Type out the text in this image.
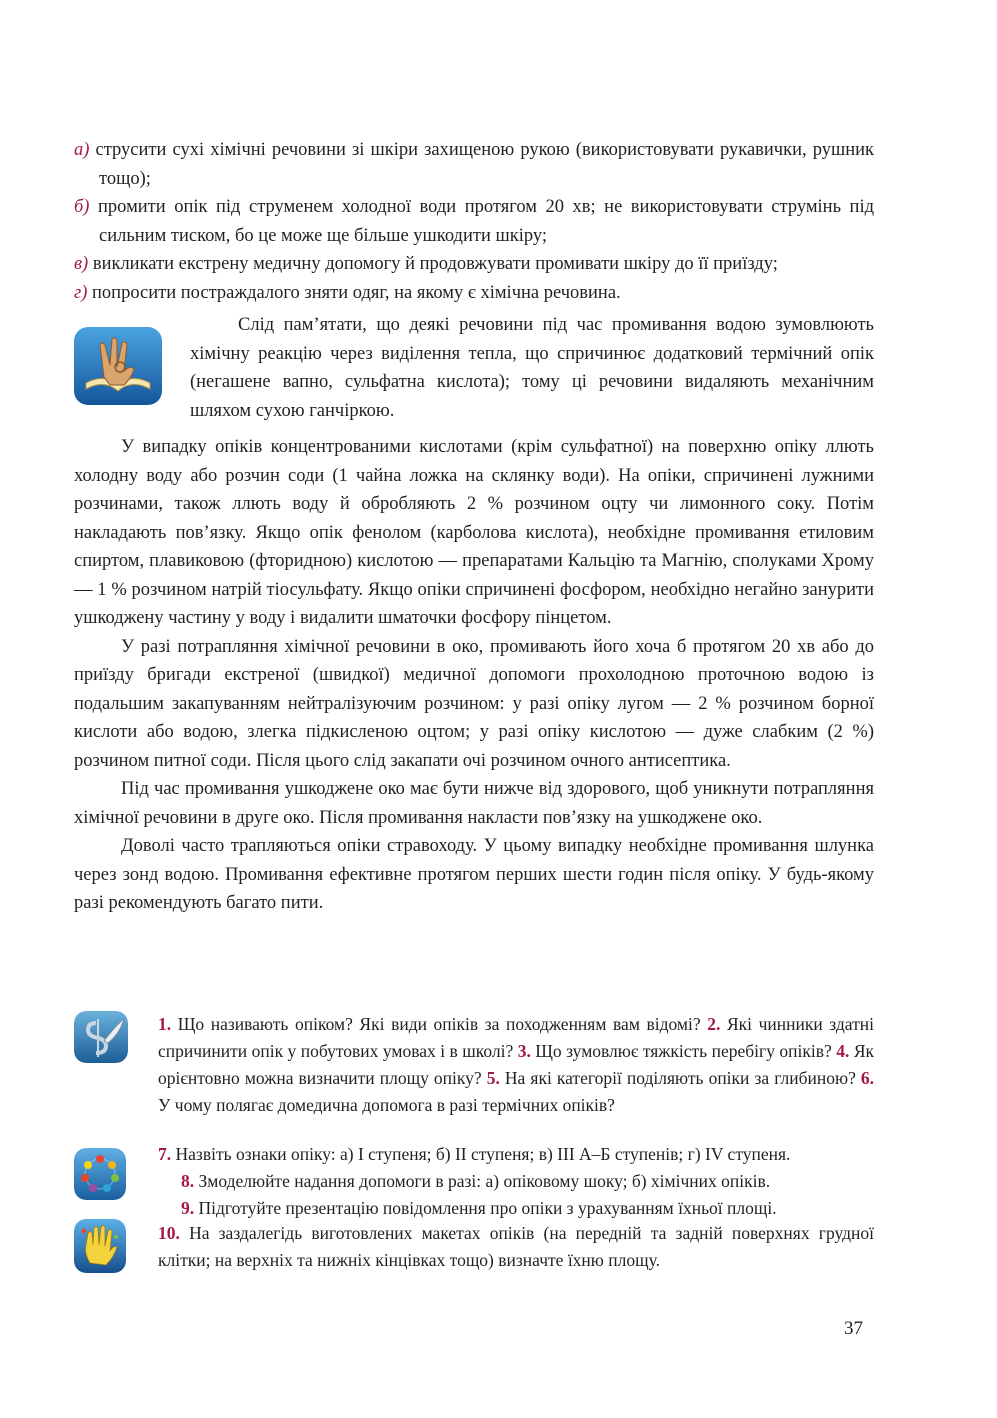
а) струсити сухі хімічні речовини зі шкіри захищеною рукою (використовувати рукавички, рушник тощо);
б) промити опік під струменем холодної води протягом 20 хв; не використовувати струмінь під сильним тиском, бо це може ще більше ушкодити шкіру;
в) викликати екстрену медичну допомогу й продовжувати промивати шкіру до її приїзду;
г) попросити постраждалого зняти одяг, на якому є хімічна речовина.
Слід пам’ятати, що деякі речовини під час промивання водою зумовлюють хімічну реакцію через виділення тепла, що спричинює додатковий термічний опік (негашене вапно, сульфатна кислота); тому ці речовини видаляють механічним шляхом сухою ганчіркою.

У випадку опіків концентрованими кислотами (крім сульфатної) на поверхню опіку ллють холодну воду або розчин соди (1 чайна ложка на склянку води). На опіки, спричинені лужними розчинами, також ллють воду й обробляють 2 % розчином оцту чи лимонного соку. Потім накладають пов’язку. Якщо опік фенолом (карболова кислота), необхідне промивання етиловим спиртом, плавиковою (фторидною) кислотою — препаратами Кальцію та Магнію, сполуками Хрому — 1 % розчином натрій тіосульфату. Якщо опіки спричинені фосфором, необхідно негайно занурити ушкоджену частину у воду і видалити шматочки фосфору пінцетом.

У разі потрапляння хімічної речовини в око, промивають його хоча б протягом 20 хв або до приїзду бригади екстреної (швидкої) медичної допомоги прохолодною проточною водою із подальшим закапуванням нейтралізуючим розчином: у разі опіку лугом — 2 % розчином борної кислоти або водою, злегка підкисленою оцтом; у разі опіку кислотою — дуже слабким (2 %) розчином питної соди. Після цього слід закапати очі розчином очного антисептика.

Під час промивання ушкоджене око має бути нижче від здорового, щоб уникнути потрапляння хімічної речовини в друге око. Після промивання накласти пов’язку на ушкоджене око.

Доволі часто трапляються опіки стравоходу. У цьому випадку необхідне промивання шлунка через зонд водою. Промивання ефективне протягом перших шести годин після опіку. У будь-якому разі рекомендують багато пити.

1. Що називають опіком? Які види опіків за походженням вам відомі? 2. Які чинники здатні спричинити опік у побутових умовах і в школі? 3. Що зумовлює тяжкість перебігу опіків? 4. Як орієнтовно можна визначити площу опіку? 5. На які категорії поділяють опіки за глибиною? 6. У чому полягає домедична допомога в разі термічних опіків?
7. Назвіть ознаки опіку: а) І ступеня; б) ІІ ступеня; в) ІІІ А–Б ступенів; г) IV ступеня.
8. Змоделюйте надання допомоги в разі: а) опіковому шоку; б) хімічних опіків.
9. Підготуйте презентацію повідомлення про опіки з урахуванням їхньої площі.
10. На заздалегідь виготовлених макетах опіків (на передній та задній поверхнях грудної клітки; на верхніх та нижніх кінцівках тощо) визначте їхню площу.
37
